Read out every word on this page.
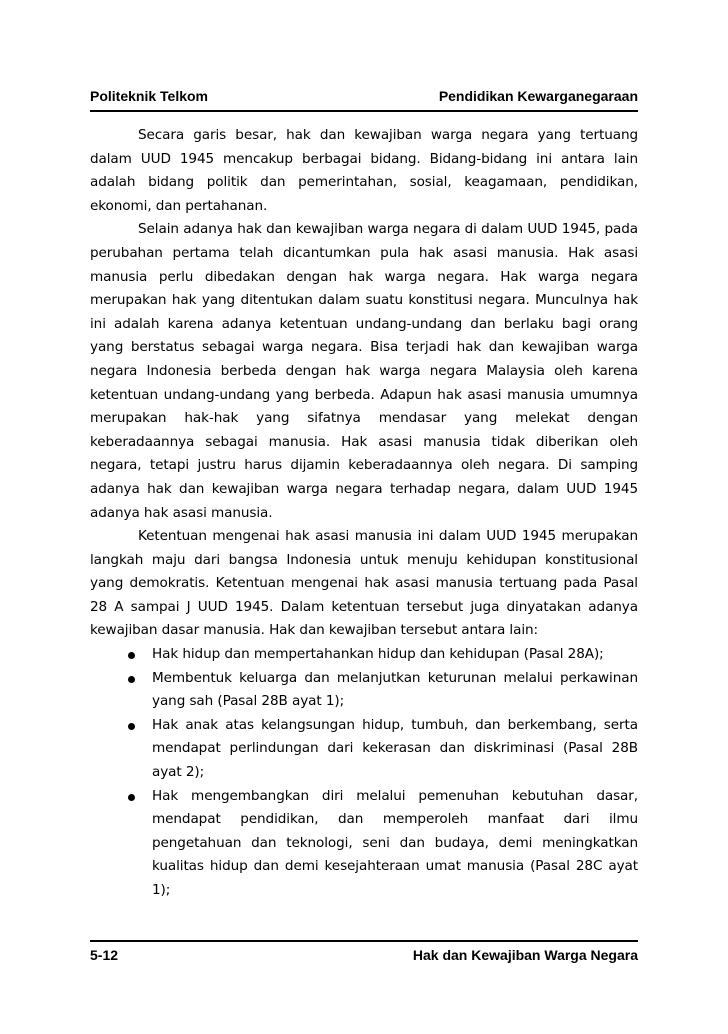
Politeknik Telkom	Pendidikan Kewarganegaraan

Secara garis besar, hak dan kewajiban warga negara yang tertuang dalam UUD 1945 mencakup berbagai bidang. Bidang-bidang ini antara lain adalah bidang politik dan pemerintahan, sosial, keagamaan, pendidikan, ekonomi, dan pertahanan.

Selain adanya hak dan kewajiban warga negara di dalam UUD 1945, pada perubahan pertama telah dicantumkan pula hak asasi manusia. Hak asasi manusia perlu dibedakan dengan hak warga negara. Hak warga negara merupakan hak yang ditentukan dalam suatu konstitusi negara. Munculnya hak ini adalah karena adanya ketentuan undang-undang dan berlaku bagi orang yang berstatus sebagai warga negara. Bisa terjadi hak dan kewajiban warga negara Indonesia berbeda dengan hak warga negara Malaysia oleh karena ketentuan undang-undang yang berbeda. Adapun hak asasi manusia umumnya merupakan hak-hak yang sifatnya mendasar yang melekat dengan keberadaannya sebagai manusia. Hak asasi manusia tidak diberikan oleh negara, tetapi justru harus dijamin keberadaannya oleh negara. Di samping adanya hak dan kewajiban warga negara terhadap negara, dalam UUD 1945 adanya hak asasi manusia.

Ketentuan mengenai hak asasi manusia ini dalam UUD 1945 merupakan langkah maju dari bangsa Indonesia untuk menuju kehidupan konstitusional yang demokratis. Ketentuan mengenai hak asasi manusia tertuang pada Pasal 28 A sampai J UUD 1945. Dalam ketentuan tersebut juga dinyatakan adanya kewajiban dasar manusia. Hak dan kewajiban tersebut antara lain:

Hak hidup dan mempertahankan hidup dan kehidupan (Pasal 28A);
Membentuk keluarga dan melanjutkan keturunan melalui perkawinan yang sah (Pasal 28B ayat 1);
Hak anak atas kelangsungan hidup, tumbuh, dan berkembang, serta mendapat perlindungan dari kekerasan dan diskriminasi (Pasal 28B ayat 2);
Hak mengembangkan diri melalui pemenuhan kebutuhan dasar, mendapat pendidikan, dan memperoleh manfaat dari ilmu pengetahuan dan teknologi, seni dan budaya, demi meningkatkan kualitas hidup dan demi kesejahteraan umat manusia (Pasal 28C ayat 1);
5-12	Hak dan Kewajiban Warga Negara
